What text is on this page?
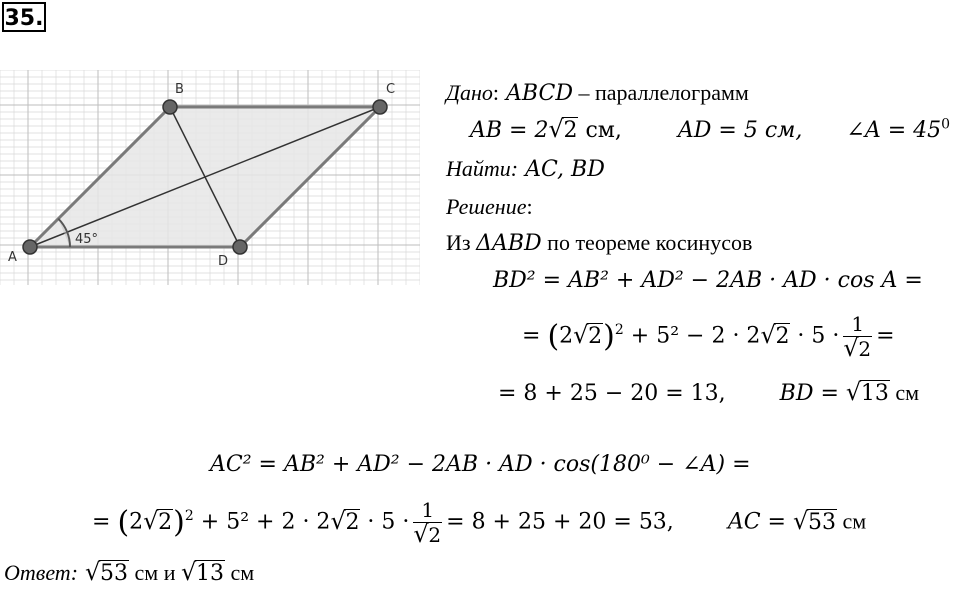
35.
45°
A
B	C
D
Дано: ABCD – параллелограмм
AB = 2 √ 2 см,	AD = 5 см, ∠A = $45^0$
Найти: AC, BD
Решение:
Из ΔABD по теореме косинусов
BD² = AB² + AD² − 2AB · AD · cos A =
= (2 √ 2)$^2$ + 5² − 2 · 2 √ 2 · 5 · 1
√ 2 =
= 8 + 25 − 20 = 13, BD = √ 13 см
AC² = AB² + AD² − 2AB · AD · cos(180⁰ − ∠A) =
= (2 √ 2)$^2$ + 5² + 2 · 2 √ 2 · 5 · 1
√ 2 = 8 + 25 + 20 = 53, AC = √ 53 см
Ответ: √ 53 см и √ 13 см
